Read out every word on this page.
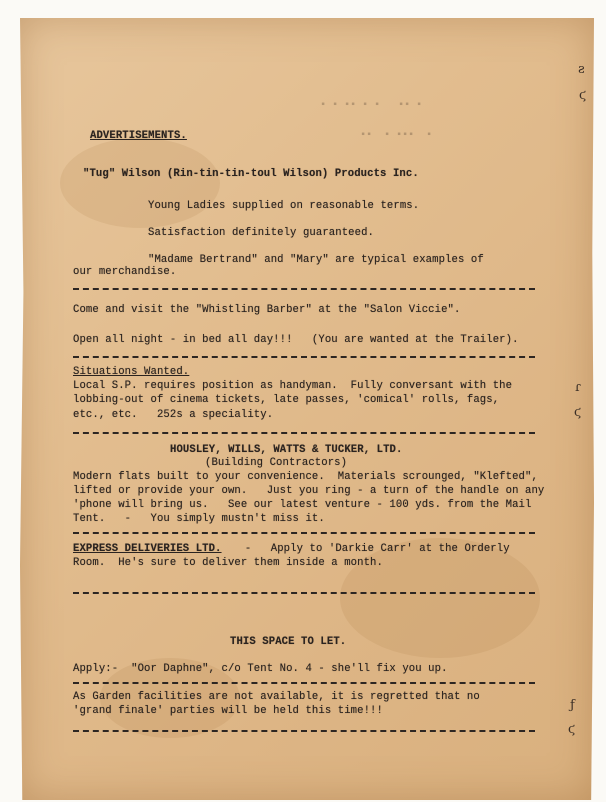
ƨ
ϛ
ɾ
ϛ
ƒ
ϛ
▪ ▪ ▪▪ ▪ ▪   ▪▪ ▪
▪▪  ▪ ▪▪▪  ▪
ADVERTISEMENTS.
"Tug" Wilson (Rin-tin-tin-toul Wilson) Products Inc.
Young Ladies supplied on reasonable terms.
Satisfaction definitely guaranteed.
"Madame Bertrand" and "Mary" are typical examples of
our merchandise.
Come and visit the "Whistling Barber" at the "Salon Viccie".
Open all night - in bed all day!!!   (You are wanted at the Trailer).
Situations Wanted.
Local S.P. requires position as handyman.  Fully conversant with the
lobbing-out of cinema tickets, late passes, 'comical' rolls, fags,
etc., etc.   252s a speciality.
HOUSLEY, WILLS, WATTS & TUCKER, LTD.
(Building Contractors)
Modern flats built to your convenience.  Materials scrounged, "Klefted",
lifted or provide your own.   Just you ring - a turn of the handle on any
'phone will bring us.   See our latest venture - 100 yds. from the Mail
Tent.   -   You simply mustn't miss it.
EXPRESS DELIVERIES LTD. -   Apply to 'Darkie Carr' at the Orderly
Room.  He's sure to deliver them inside a month.
THIS SPACE TO LET.
Apply:-  "Oor Daphne", c/o Tent No. 4 - she'll fix you up.
As Garden facilities are not available, it is regretted that no
'grand finale' parties will be held this time!!!
